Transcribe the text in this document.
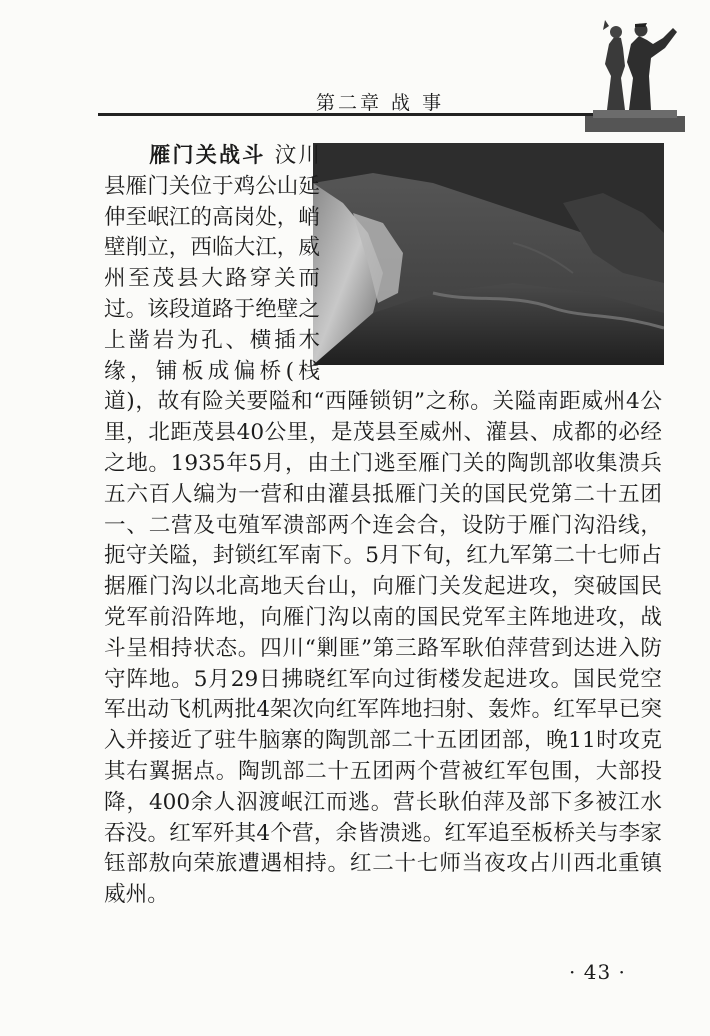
第二章 战 事

雁门关战斗 汶川县雁门关位于鸡公山延伸至岷江的高岗处，峭壁削立，西临大江，威州至茂县大路穿关而过。该段道路于绝壁之上凿岩为孔、横插木缘，铺板成偏桥(栈道)，故有险关要隘和“西陲锁钥”之称。关隘南距威州4公里，北距茂县40公里，是茂县至威州、灌县、成都的必经之地。1935年5月，由土门逃至雁门关的陶凯部收集溃兵五六百人编为一营和由灌县抵雁门关的国民党第二十五团一、二营及屯殖军溃部两个连会合，设防于雁门沟沿线，扼守关隘，封锁红军南下。5月下旬，红九军第二十七师占据雁门沟以北高地天台山，向雁门关发起进攻，突破国民党军前沿阵地，向雁门沟以南的国民党军主阵地进攻，战斗呈相持状态。四川“剿匪”第三路军耿伯萍营到达进入防守阵地。5月29日拂晓红军向过街楼发起进攻。国民党空军出动飞机两批4架次向红军阵地扫射、轰炸。红军早已突入并接近了驻牛脑寨的陶凯部二十五团团部，晚11时攻克其右翼据点。陶凯部二十五团两个营被红军包围，大部投降，400余人泅渡岷江而逃。营长耿伯萍及部下多被江水吞没。红军歼其4个营，余皆溃逃。红军追至板桥关与李家钰部敖向荣旅遭遇相持。红二十七师当夜攻占川西北重镇威州。

· 43 ·
